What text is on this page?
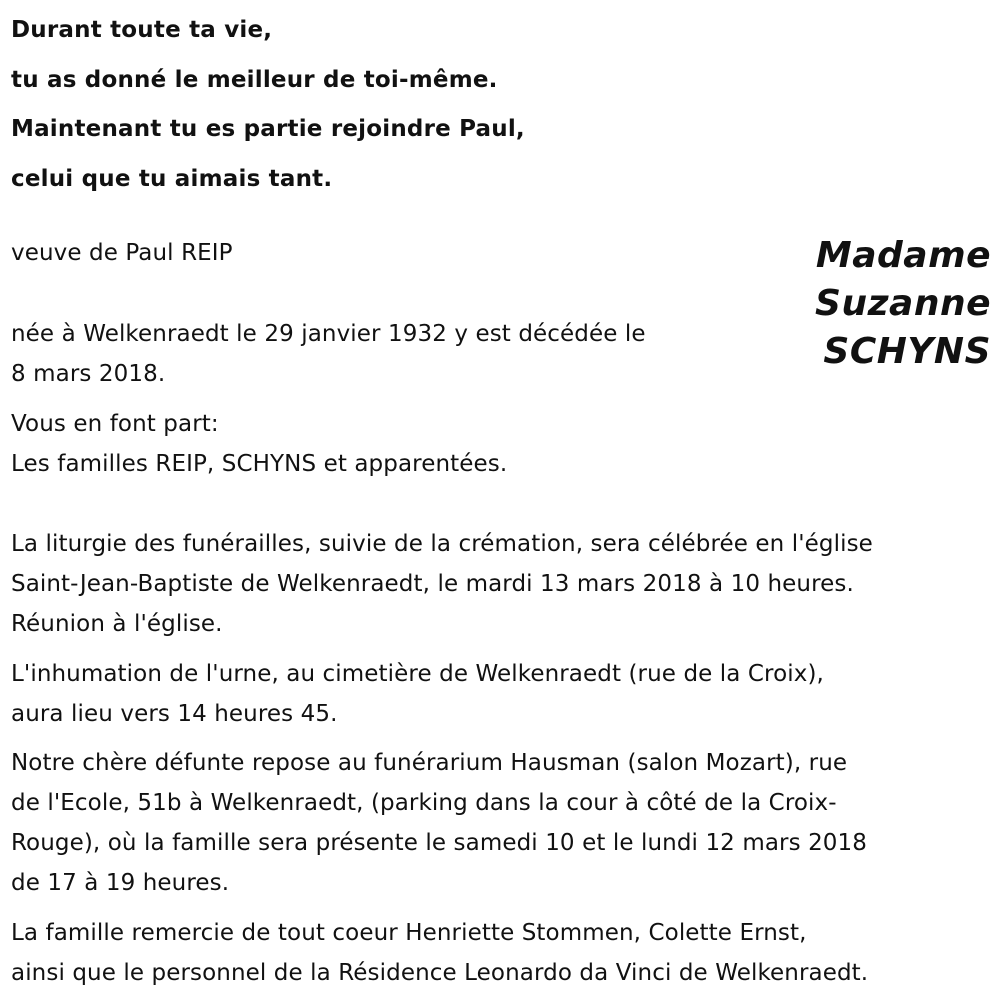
Durant toute ta vie,
tu as donné le meilleur de toi-même.
Maintenant tu es partie rejoindre Paul,
celui que tu aimais tant.
Madame
Suzanne
SCHYNS
veuve de Paul REIP
née à Welkenraedt le 29 janvier 1932 y est décédée le
8 mars 2018.
Vous en font part:
Les familles REIP, SCHYNS et apparentées.
La liturgie des funérailles, suivie de la crémation, sera célébrée en l'église
Saint-Jean-Baptiste de Welkenraedt, le mardi 13 mars 2018 à 10 heures.
Réunion à l'église.
L'inhumation de l'urne, au cimetière de Welkenraedt (rue de la Croix),
aura lieu vers 14 heures 45.
Notre chère défunte repose au funérarium Hausman (salon Mozart), rue
de l'Ecole, 51b à Welkenraedt, (parking dans la cour à côté de la Croix-
Rouge), où la famille sera présente le samedi 10 et le lundi 12 mars 2018
de 17 à 19 heures.
La famille remercie de tout coeur Henriette Stommen, Colette Ernst,
ainsi que le personnel de la Résidence Leonardo da Vinci de Welkenraedt.
